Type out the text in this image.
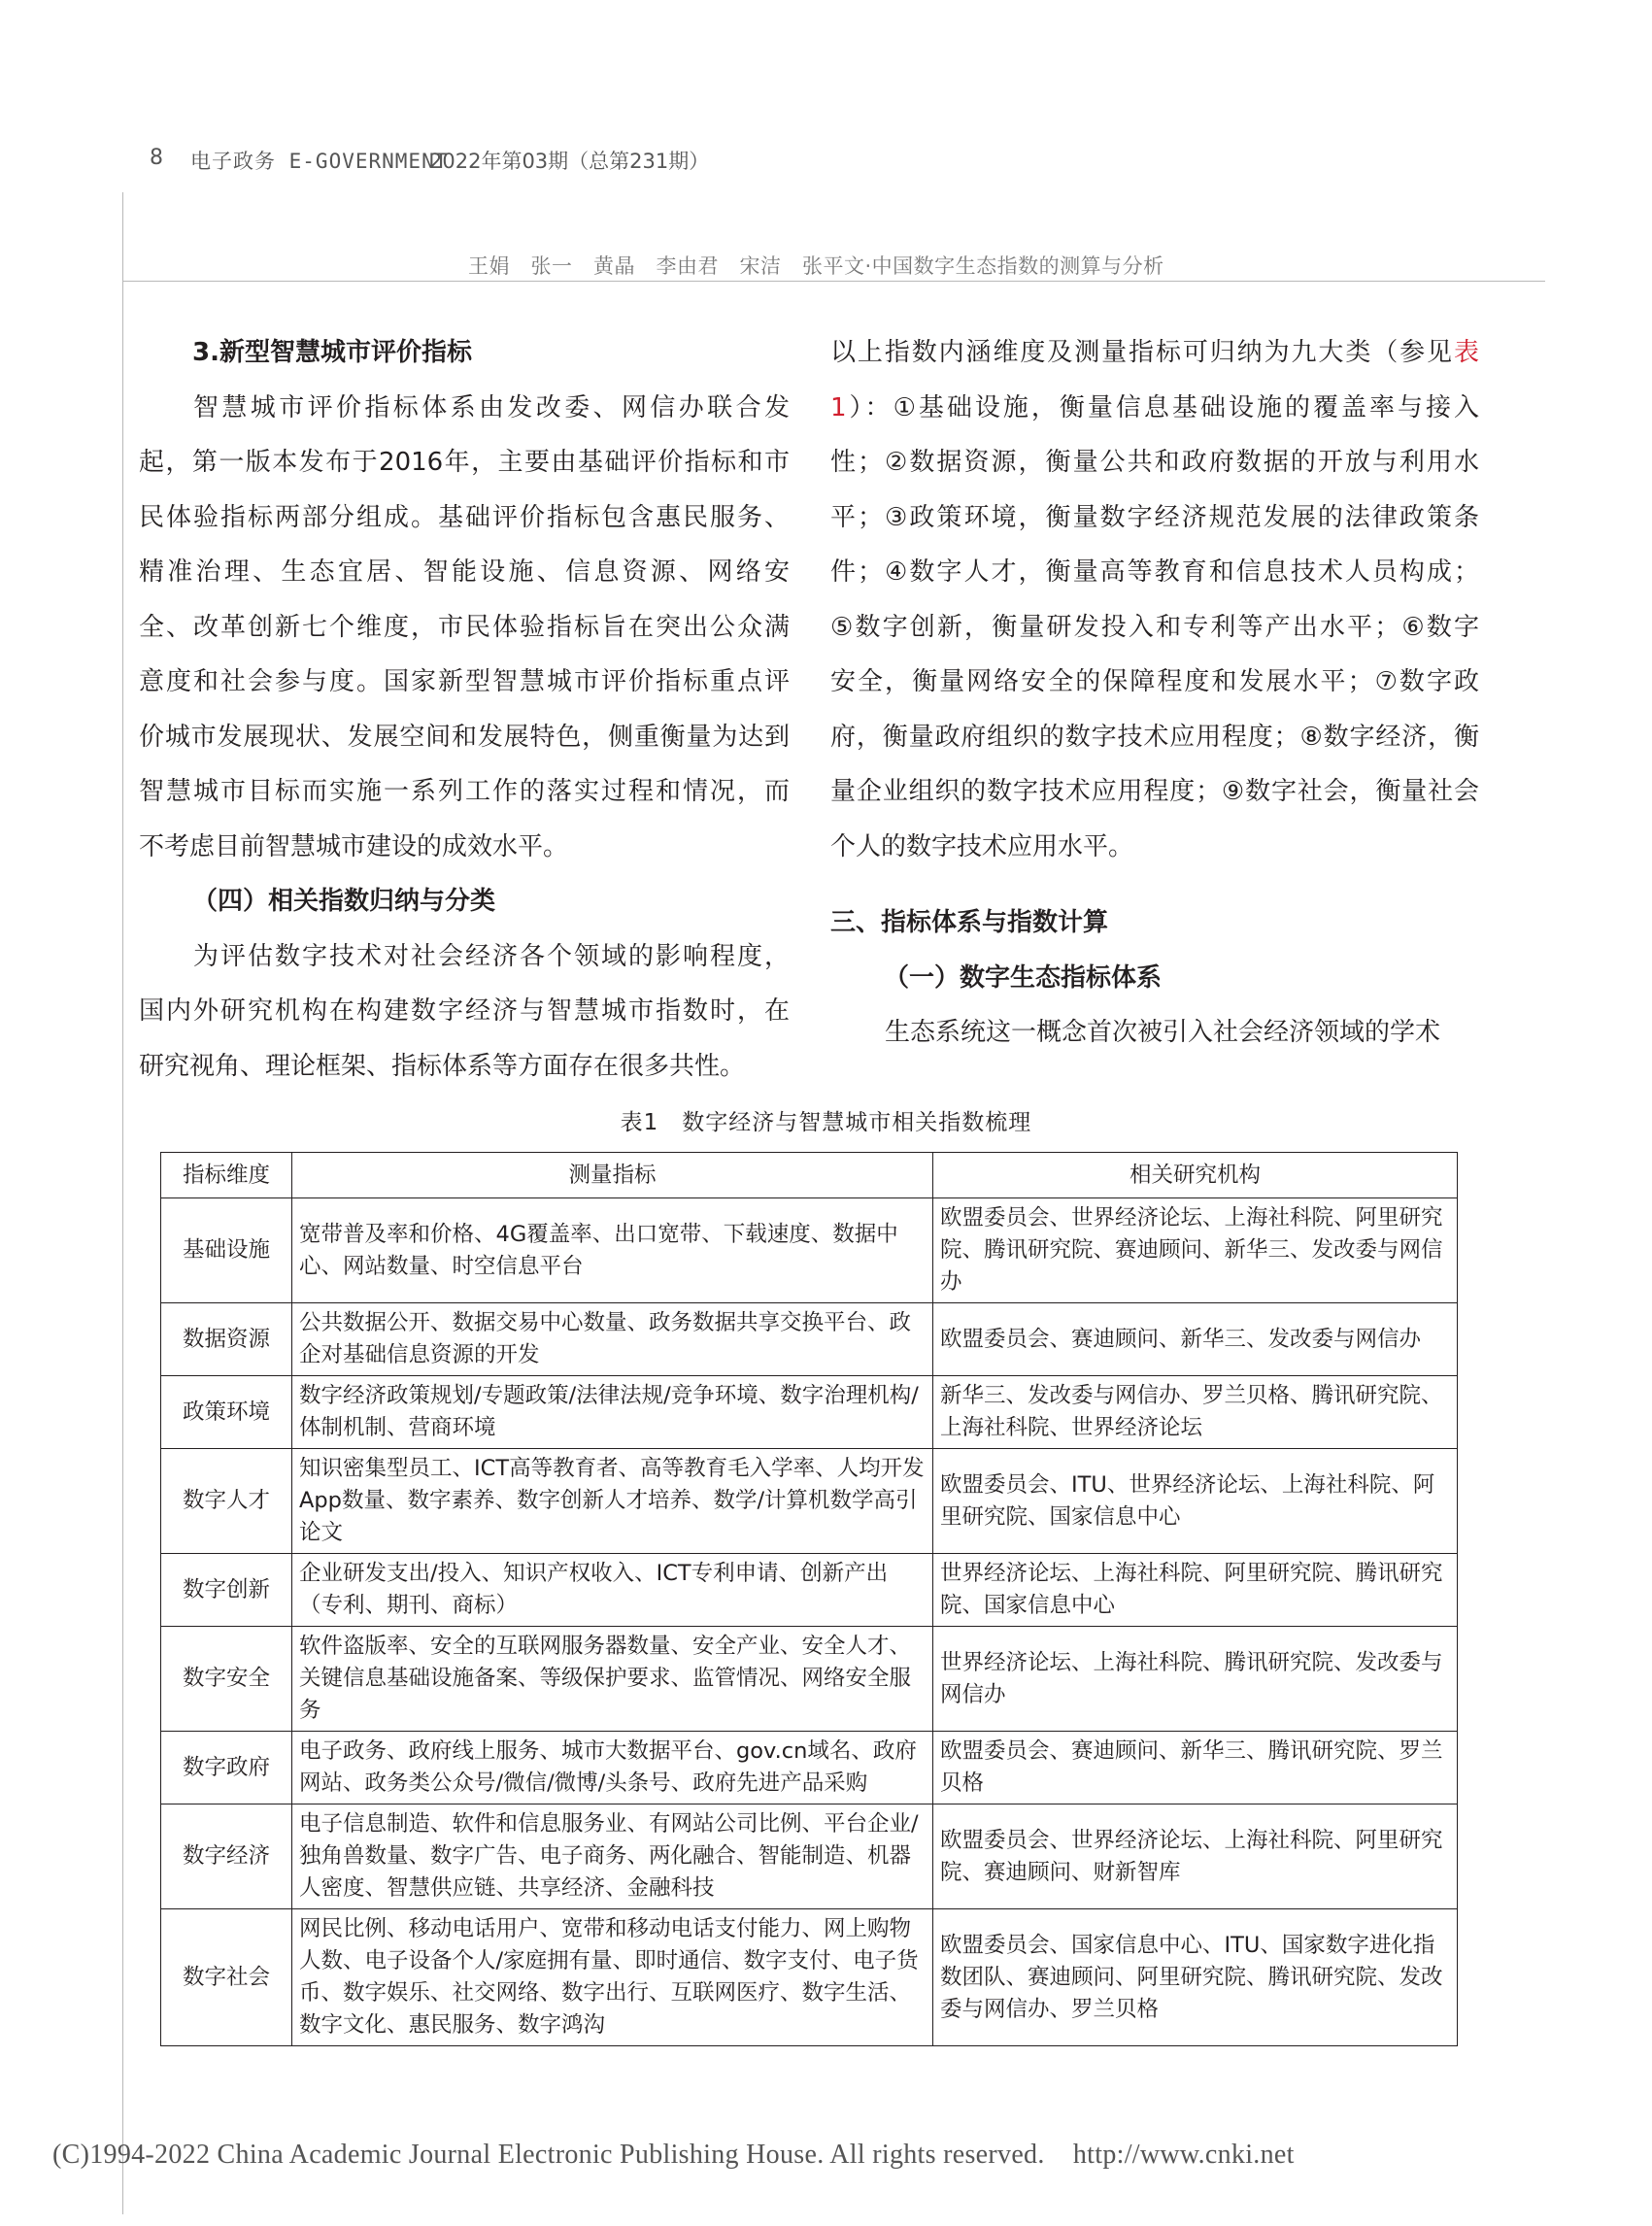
8 电子政务 E-GOVERNMENT
2022年第03期（总第231期）
王娟　张一　黄晶　李由君　宋洁　张平文·中国数字生态指数的测算与分析

3.新型智慧城市评价指标

智慧城市评价指标体系由发改委、网信办联合发

起，第一版本发布于2016年，主要由基础评价指标和市

民体验指标两部分组成。基础评价指标包含惠民服务、

精准治理、生态宜居、智能设施、信息资源、网络安

全、改革创新七个维度，市民体验指标旨在突出公众满

意度和社会参与度。国家新型智慧城市评价指标重点评

价城市发展现状、发展空间和发展特色，侧重衡量为达到

智慧城市目标而实施一系列工作的落实过程和情况，而

不考虑目前智慧城市建设的成效水平。

（四）相关指数归纳与分类

为评估数字技术对社会经济各个领域的影响程度，

国内外研究机构在构建数字经济与智慧城市指数时，在

研究视角、理论框架、指标体系等方面存在很多共性。

以上指数内涵维度及测量指标可归纳为九大类（参见表

1）：①基础设施，衡量信息基础设施的覆盖率与接入

性；②数据资源，衡量公共和政府数据的开放与利用水

平；③政策环境，衡量数字经济规范发展的法律政策条

件；④数字人才，衡量高等教育和信息技术人员构成；

⑤数字创新，衡量研发投入和专利等产出水平；⑥数字

安全，衡量网络安全的保障程度和发展水平；⑦数字政

府，衡量政府组织的数字技术应用程度；⑧数字经济，衡

量企业组织的数字技术应用程度；⑨数字社会，衡量社会

个人的数字技术应用水平。

三、指标体系与指数计算

（一）数字生态指标体系

生态系统这一概念首次被引入社会经济领域的学术

表1　数字经济与智慧城市相关指数梳理
指标维度	测量指标	相关研究机构
基础设施	宽带普及率和价格、4G覆盖率、出口宽带、下载速度、数据中心、网站数量、时空信息平台	欧盟委员会、世界经济论坛、上海社科院、阿里研究院、腾讯研究院、赛迪顾问、新华三、发改委与网信办
数据资源	公共数据公开、数据交易中心数量、政务数据共享交换平台、政企对基础信息资源的开发	欧盟委员会、赛迪顾问、新华三、发改委与网信办
政策环境	数字经济政策规划/专题政策/法律法规/竞争环境、数字治理机构/体制机制、营商环境	新华三、发改委与网信办、罗兰贝格、腾讯研究院、上海社科院、世界经济论坛
数字人才	知识密集型员工、ICT高等教育者、高等教育毛入学率、人均开发App数量、数字素养、数字创新人才培养、数学/计算机数学高引论文	欧盟委员会、ITU、世界经济论坛、上海社科院、阿里研究院、国家信息中心
数字创新	企业研发支出/投入、知识产权收入、ICT专利申请、创新产出（专利、期刊、商标）	世界经济论坛、上海社科院、阿里研究院、腾讯研究院、国家信息中心
数字安全	软件盗版率、安全的互联网服务器数量、安全产业、安全人才、关键信息基础设施备案、等级保护要求、监管情况、网络安全服务	世界经济论坛、上海社科院、腾讯研究院、发改委与网信办
数字政府	电子政务、政府线上服务、城市大数据平台、gov.cn域名、政府网站、政务类公众号/微信/微博/头条号、政府先进产品采购	欧盟委员会、赛迪顾问、新华三、腾讯研究院、罗兰贝格
数字经济	电子信息制造、软件和信息服务业、有网站公司比例、平台企业/独角兽数量、数字广告、电子商务、两化融合、智能制造、机器人密度、智慧供应链、共享经济、金融科技	欧盟委员会、世界经济论坛、上海社科院、阿里研究院、赛迪顾问、财新智库
数字社会	网民比例、移动电话用户、宽带和移动电话支付能力、网上购物人数、电子设备个人/家庭拥有量、即时通信、数字支付、电子货币、数字娱乐、社交网络、数字出行、互联网医疗、数字生活、数字文化、惠民服务、数字鸿沟	欧盟委员会、国家信息中心、ITU、国家数字进化指数团队、赛迪顾问、阿里研究院、腾讯研究院、发改委与网信办、罗兰贝格
(C)1994-2022 China Academic Journal Electronic Publishing House. All rights reserved. http://www.cnki.net
